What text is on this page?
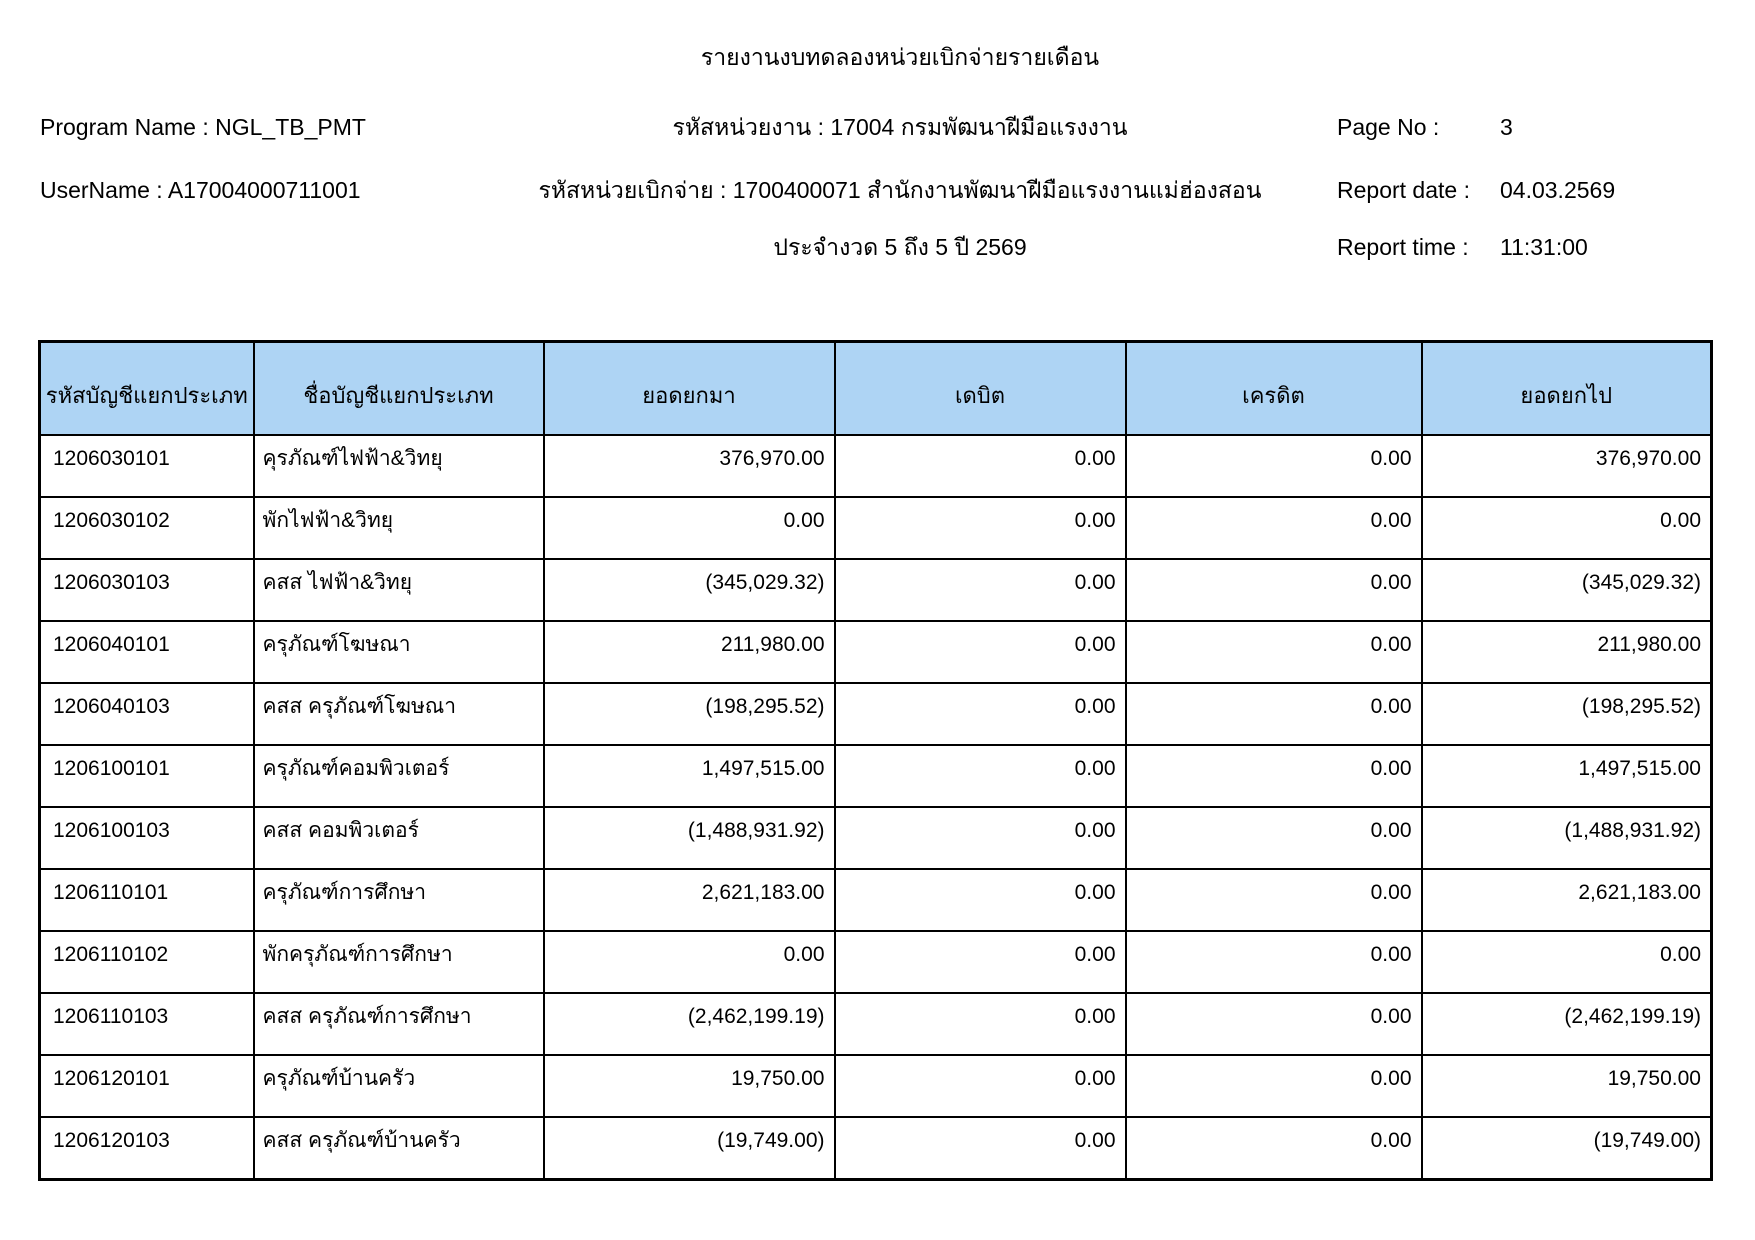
รายงานงบทดลองหน่วยเบิกจ่ายรายเดือน
Program Name : NGL_TB_PMT	รหัสหน่วยงาน : 17004 กรมพัฒนาฝีมือแรงงาน	Page No :	3
UserName : A17004000711001	รหัสหน่วยเบิกจ่าย : 1700400071 สำนักงานพัฒนาฝีมือแรงงานแม่ฮ่องสอน	Report date : 04.03.2569
ประจำงวด 5 ถึง 5 ปี 2569	Report time : 11:31:00
รหัสบัญชีแยกประเภท	ชื่อบัญชีแยกประเภท	ยอดยกมา	เดบิต	เครดิต	ยอดยกไป
1206030101	คุรภัณฑ์ไฟฟ้า&วิทยุ	376,970.00	0.00	0.00	376,970.00
1206030102	พักไฟฟ้า&วิทยุ	0.00	0.00	0.00	0.00
1206030103	คสส ไฟฟ้า&วิทยุ	(345,029.32)	0.00	0.00	(345,029.32)
1206040101	ครุภัณฑ์โฆษณา	211,980.00	0.00	0.00	211,980.00
1206040103	คสส ครุภัณฑ์โฆษณา	(198,295.52)	0.00	0.00	(198,295.52)
1206100101	ครุภัณฑ์คอมพิวเตอร์	1,497,515.00	0.00	0.00	1,497,515.00
1206100103	คสส คอมพิวเตอร์	(1,488,931.92)	0.00	0.00	(1,488,931.92)
1206110101	ครุภัณฑ์การศึกษา	2,621,183.00	0.00	0.00	2,621,183.00
1206110102	พักครุภัณฑ์การศึกษา	0.00	0.00	0.00	0.00
1206110103	คสส ครุภัณฑ์การศึกษา	(2,462,199.19)	0.00	0.00	(2,462,199.19)
1206120101	ครุภัณฑ์บ้านครัว	19,750.00	0.00	0.00	19,750.00
1206120103	คสส ครุภัณฑ์บ้านครัว	(19,749.00)	0.00	0.00	(19,749.00)
